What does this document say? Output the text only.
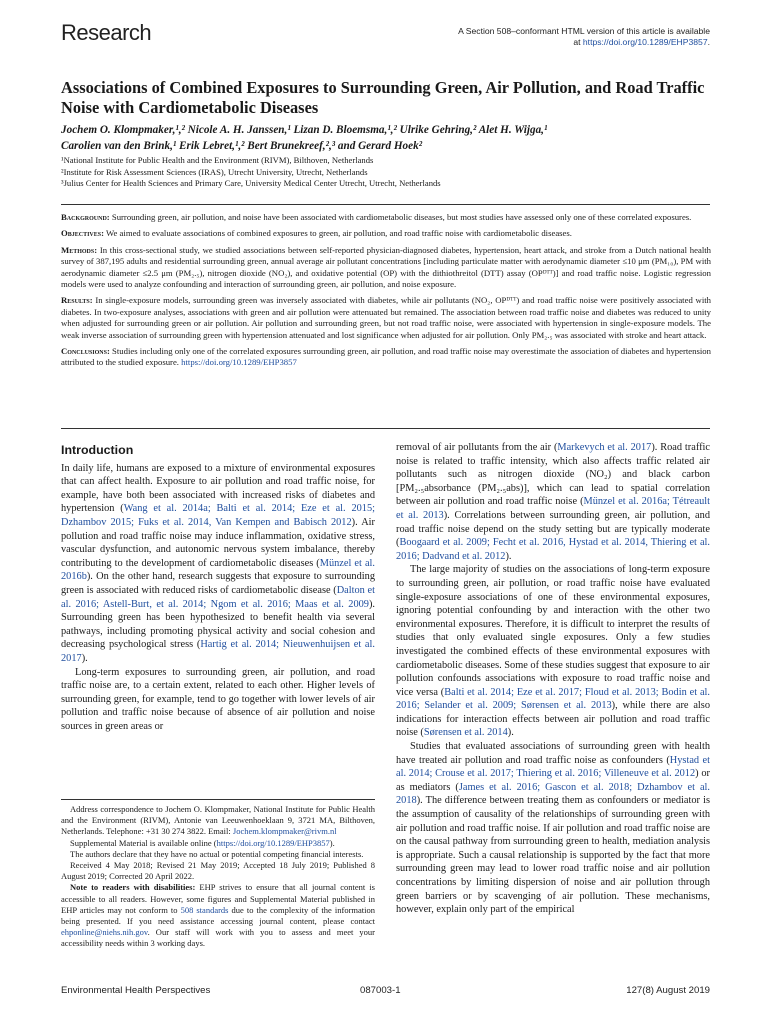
Research	A Section 508–conformant HTML version of this article is available at https://doi.org/10.1289/EHP3857.
Associations of Combined Exposures to Surrounding Green, Air Pollution, and Road Traffic Noise with Cardiometabolic Diseases
Jochem O. Klompmaker,¹,² Nicole A. H. Janssen,¹ Lizan D. Bloemsma,¹,² Ulrike Gehring,² Alet H. Wijga,¹
Carolien van den Brink,¹ Erik Lebret,¹,² Bert Brunekreef,²,³ and Gerard Hoek²
¹National Institute for Public Health and the Environment (RIVM), Bilthoven, Netherlands
²Institute for Risk Assessment Sciences (IRAS), Utrecht University, Utrecht, Netherlands
³Julius Center for Health Sciences and Primary Care, University Medical Center Utrecht, Utrecht, Netherlands

Background: Surrounding green, air pollution, and noise have been associated with cardiometabolic diseases, but most studies have assessed only one of these correlated exposures.

Objectives: We aimed to evaluate associations of combined exposures to green, air pollution, and road traffic noise with cardiometabolic diseases.

Methods: In this cross-sectional study, we studied associations between self-reported physician-diagnosed diabetes, hypertension, heart attack, and stroke from a Dutch national health survey of 387,195 adults and residential surrounding green, annual average air pollutant concentrations [including particulate matter with aerodynamic diameter ≤10 μm (PM₁₀), PM with aerodynamic diameter ≤2.5 μm (PM₂.₅), nitrogen dioxide (NO₂), and oxidative potential (OP) with the dithiothreitol (DTT) assay (OPᴰᵀᵀ)] and road traffic noise. Logistic regression models were used to analyze confounding and interaction of surrounding green, air pollution, and noise exposure.

Results: In single-exposure models, surrounding green was inversely associated with diabetes, while air pollutants (NO₂, OPᴰᵀᵀ) and road traffic noise were positively associated with diabetes. In two-exposure analyses, associations with green and air pollution were attenuated but remained. The association between road traffic noise and diabetes was reduced to unity when adjusted for surrounding green or air pollution. Air pollution and surrounding green, but not road traffic noise, were associated with hypertension in single-exposure models. The weak inverse association of surrounding green with hypertension attenuated and lost significance when adjusted for air pollution. Only PM₂.₅ was associated with stroke and heart attack.

Conclusions: Studies including only one of the correlated exposures surrounding green, air pollution, and road traffic noise may overestimate the association of diabetes and hypertension attributed to the studied exposure. https://doi.org/10.1289/EHP3857

Introduction

In daily life, humans are exposed to a mixture of environmental exposures that can affect health. Exposure to air pollution and road traffic noise, for example, have both been associated with increased risks of diabetes and hypertension (Wang et al. 2014a; Balti et al. 2014; Eze et al. 2015; Dzhambov 2015; Fuks et al. 2014, Van Kempen and Babisch 2012). Air pollution and road traffic noise may induce inflammation, oxidative stress, vascular dysfunction, and autonomic nervous system imbalance, thereby contributing to the development of cardiometabolic diseases (Münzel et al. 2016b). On the other hand, research suggests that exposure to surrounding green is associated with reduced risks of cardiometabolic disease (Dalton et al. 2016; Astell-Burt, et al. 2014; Ngom et al. 2016; Maas et al. 2009). Surrounding green has been hypothesized to benefit health via several pathways, including promoting physical activity and social cohesion and decreasing psychological stress (Hartig et al. 2014; Nieuwenhuijsen et al. 2017).

Long-term exposures to surrounding green, air pollution, and road traffic noise are, to a certain extent, related to each other. Higher levels of surrounding green, for example, tend to go together with lower levels of air pollution and traffic noise because of absence of air pollution and noise sources in green areas or

Address correspondence to Jochem O. Klompmaker, National Institute for Public Health and the Environment (RIVM), Antonie van Leeuwenhoeklaan 9, 3721 MA, Bilthoven, Netherlands. Telephone: +31 30 274 3822. Email: Jochem.klompmaker@rivm.nl

Supplemental Material is available online (https://doi.org/10.1289/EHP3857).

The authors declare that they have no actual or potential competing financial interests.

Received 4 May 2018; Revised 21 May 2019; Accepted 18 July 2019; Published 8 August 2019; Corrected 20 April 2022.

Note to readers with disabilities: EHP strives to ensure that all journal content is accessible to all readers. However, some figures and Supplemental Material published in EHP articles may not conform to 508 standards due to the complexity of the information being presented. If you need assistance accessing journal content, please contact ehponline@niehs.nih.gov. Our staff will work with you to assess and meet your accessibility needs within 3 working days.

removal of air pollutants from the air (Markevych et al. 2017). Road traffic noise is related to traffic intensity, which also affects traffic related air pollutants such as nitrogen dioxide (NO₂) and black carbon [PM₂.₅absorbance (PM₂.₅abs)], which can lead to spatial correlation between air pollution and road traffic noise (Münzel et al. 2016a; Tétreault et al. 2013). Correlations between surrounding green, air pollution, and road traffic noise depend on the study setting but are typically moderate (Boogaard et al. 2009; Fecht et al. 2016, Hystad et al. 2014, Thiering et al. 2016; Dadvand et al. 2012).

The large majority of studies on the associations of long-term exposure to surrounding green, air pollution, or road traffic noise have evaluated single-exposure associations of one of these environmental exposures, ignoring potential confounding by and interaction with the other two environmental exposures. Therefore, it is difficult to interpret the results of studies that only evaluated single exposures. Only a few studies investigated the combined effects of these environmental exposures with cardiometabolic diseases. Some of these studies suggest that exposure to air pollution confounds associations with exposure to road traffic noise and vice versa (Balti et al. 2014; Eze et al. 2017; Floud et al. 2013; Bodin et al. 2016; Selander et al. 2009; Sørensen et al. 2013), while there are also indications for interaction effects between air pollution and road traffic noise (Sørensen et al. 2014).

Studies that evaluated associations of surrounding green with health have treated air pollution and road traffic noise as confounders (Hystad et al. 2014; Crouse et al. 2017; Thiering et al. 2016; Villeneuve et al. 2012) or as mediators (James et al. 2016; Gascon et al. 2018; Dzhambov et al. 2018). The difference between treating them as confounders or mediator is the assumption of causality of the relationships of surrounding green with air pollution and road traffic noise. If air pollution and road traffic noise are on the causal pathway from surrounding green to health, mediation analysis is appropriate. Such a causal relationship is supported by the fact that more surrounding green may lead to lower road traffic noise and air pollution concentrations by limiting dispersion of noise and air pollution through green barriers or by scavenging of air pollution. These mechanisms, however, explain only part of the empirical

Environmental Health Perspectives	087003-1	127(8) August 2019
